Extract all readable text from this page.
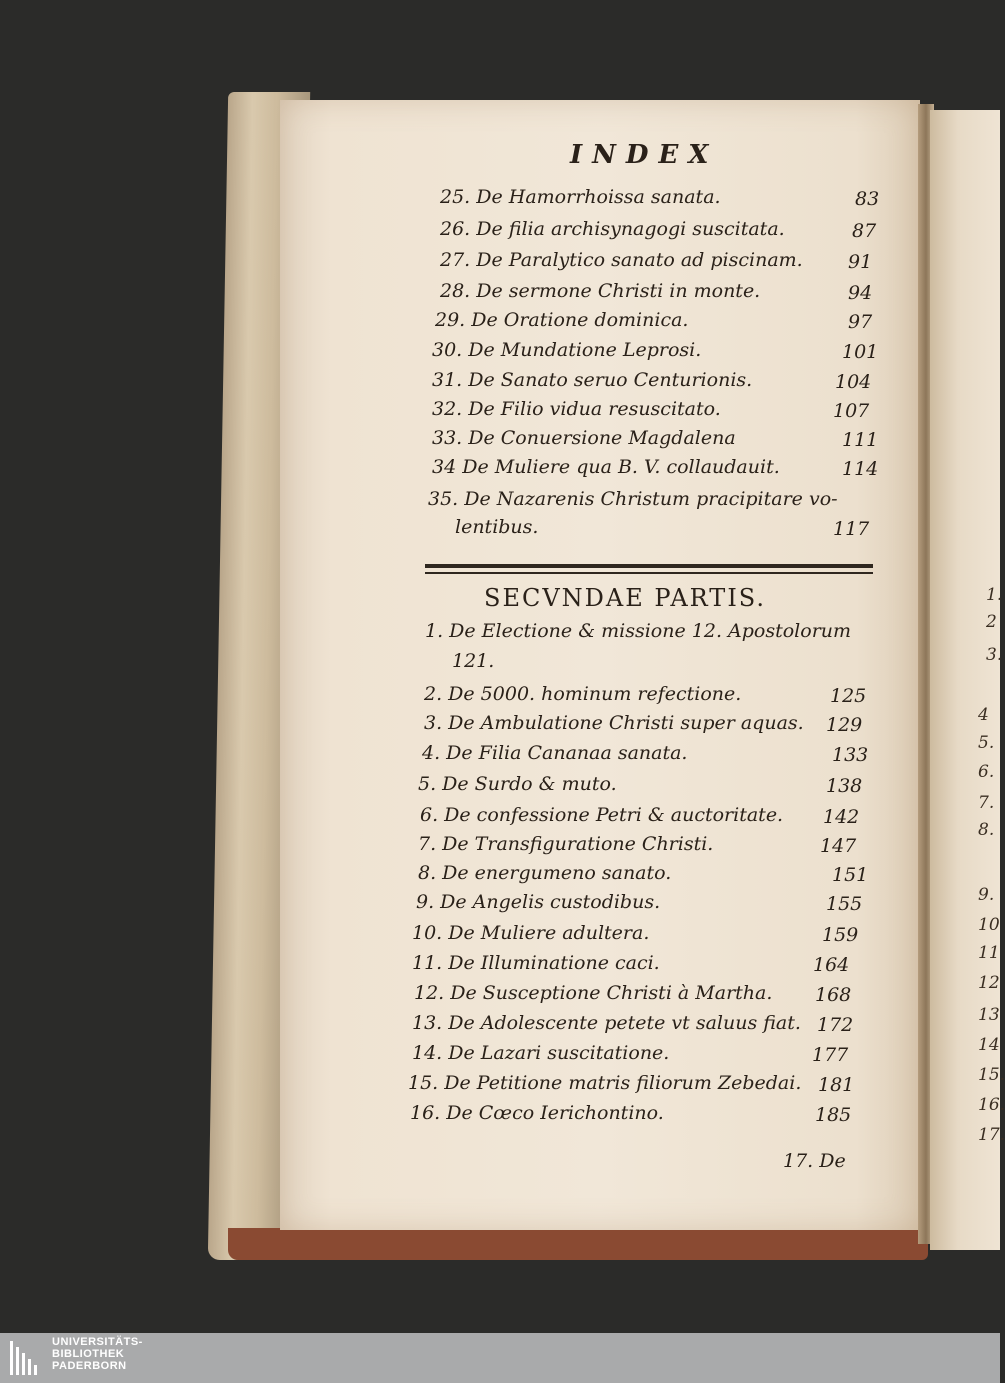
INDEX
25. De Hamorrhoissa sanata.	83
26. De filia archisynagogi suscitata.	87
27. De Paralytico sanato ad piscinam. 91
28. De sermone Christi in monte.	94
29. De Oratione dominica.	97
30. De Mundatione Leprosi.	101
31. De Sanato seruo Centurionis.	104
32. De Filio vidua resuscitato.	107
33. De Conuersione Magdalena	111
34 De Muliere qua B. V. collaudauit.	114
35. De Nazarenis Christum pracipitare vo-
lentibus.	117
SECVNDAE PARTIS.
1. De Electione & missione 12. Apostolorum
121.
2. De 5000. hominum refectione.	125
3. De Ambulatione Christi super aquas. 129
4. De Filia Cananaa sanata.	133
5. De Surdo & muto.	138
6. De confessione Petri & auctoritate. 142
7. De Transfiguratione Christi.	147
8. De energumeno sanato.	151
9. De Angelis custodibus.	155
10. De Muliere adultera.	159
11. De Illuminatione caci.	164
12. De Susceptione Christi à Martha. 168
13. De Adolescente petete vt saluus fiat. 172
14. De Lazari suscitatione.	177
15. De Petitione matris filiorum Zebedai. 181
16. De Cœco Ierichontino.	185
17. De
1.
2
3.
4
5.
6.
7.
8.
9.
10
11
12
13
14
15.
16.
17.
UNIVERSITÄTS-
BIBLIOTHEK
PADERBORN
